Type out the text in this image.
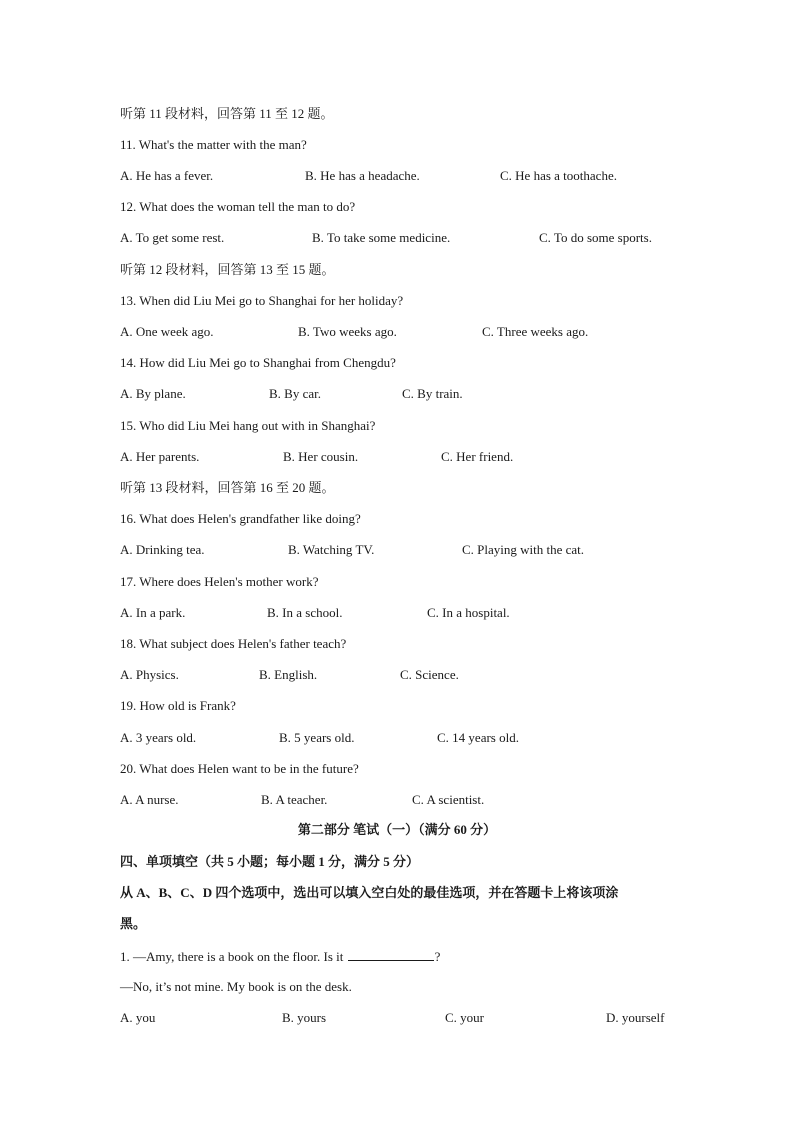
听第 11 段材料，回答第 11 至 12 题。
11. What's the matter with the man?
A. He has a fever.	B. He has a headache.	C. He has a toothache.
12. What does the woman tell the man to do?
A. To get some rest.	B. To take some medicine.	C. To do some sports.
听第 12 段材料，回答第 13 至 15 题。
13. When did Liu Mei go to Shanghai for her holiday?
A. One week ago.	B. Two weeks ago.	C. Three weeks ago.
14. How did Liu Mei go to Shanghai from Chengdu?
A. By plane.	B. By car.	C. By train.
15. Who did Liu Mei hang out with in Shanghai?
A. Her parents.	B. Her cousin.	C. Her friend.
听第 13 段材料，回答第 16 至 20 题。
16. What does Helen's grandfather like doing?
A. Drinking tea.	B. Watching TV.	C. Playing with the cat.
17. Where does Helen's mother work?
A. In a park.	B. In a school.	C. In a hospital.
18. What subject does Helen's father teach?
A. Physics.	B. English.	C. Science.
19. How old is Frank?
A. 3 years old.	B. 5 years old.	C. 14 years old.
20. What does Helen want to be in the future?
A. A nurse.	B. A teacher.	C. A scientist.
第二部分 笔试（一）（满分 60 分）
四、单项填空（共 5 小题；每小题 1 分，满分 5 分）
从 A、B、C、D 四个选项中，选出可以填入空白处的最佳选项，并在答题卡上将该项涂
黑。
1. —Amy, there is a book on the floor. Is it	?
—No, it’s not mine. My book is on the desk.
A. you	B. yours	C. your	D. yourself
